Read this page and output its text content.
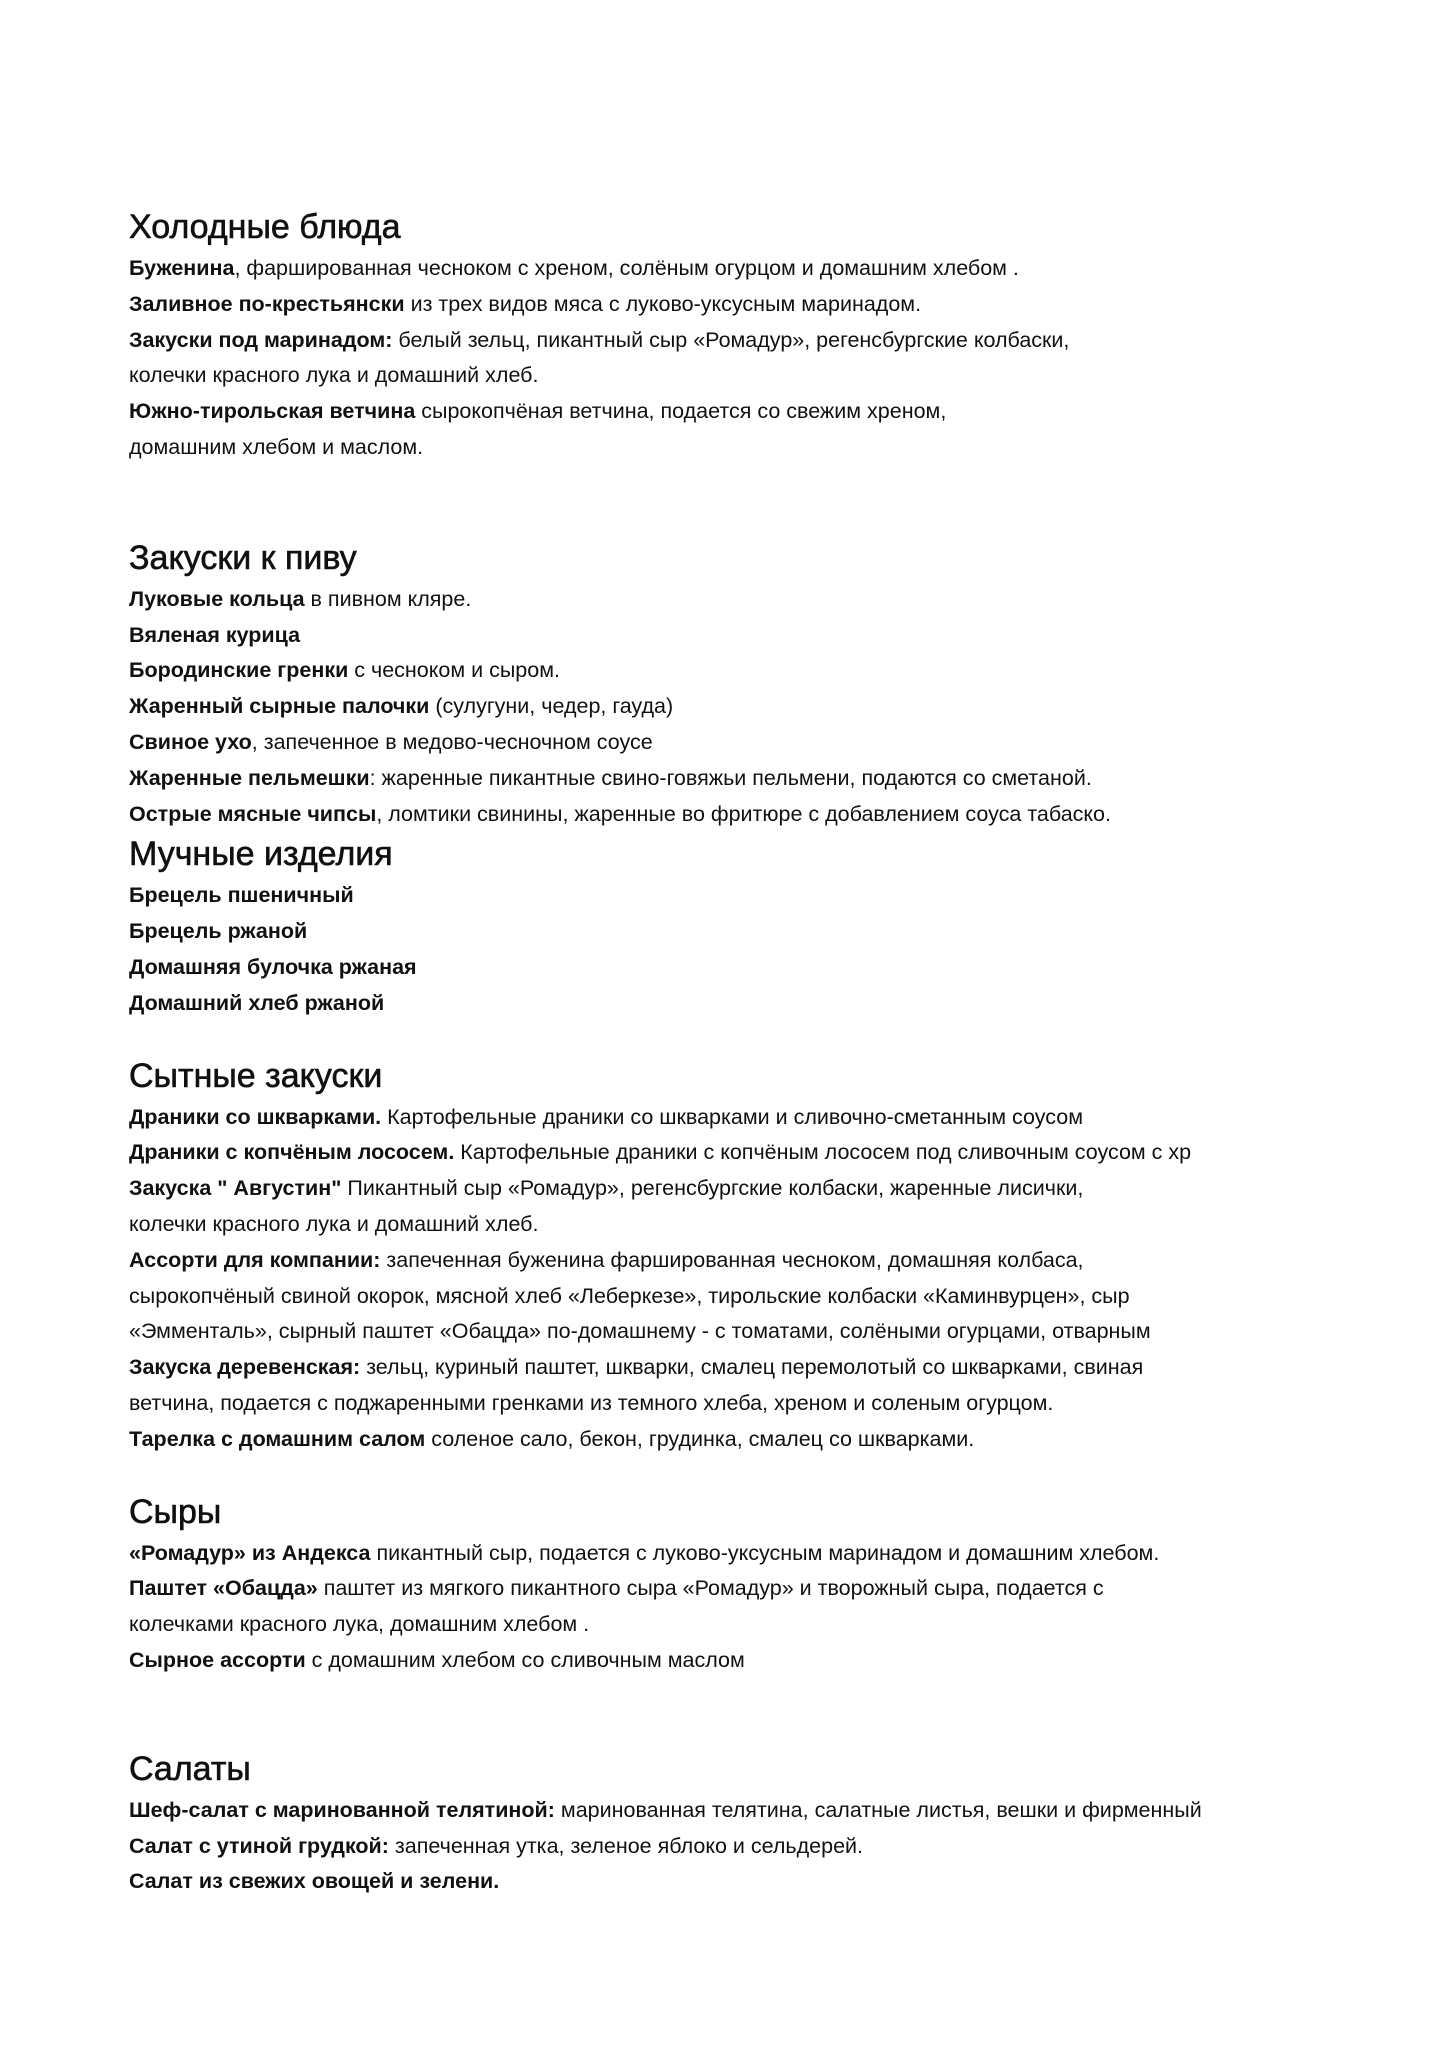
Холодные блюда

Буженина, фаршированная чесноком с хреном, солёным огурцом и домашним хлебом .

Заливное по-крестьянски из трех видов мяса с луково-уксусным маринадом.

Закуски под маринадом: белый зельц, пикантный сыр «Ромадур», регенсбургские колбаски,

колечки красного лука и домашний хлеб.

Южно-тирольская ветчина сырокопчёная ветчина, подается со свежим хреном,

домашним хлебом и маслом.

Закуски к пиву

Луковые кольца в пивном кляре.

Вяленая курица

Бородинские гренки с чесноком и сыром.

Жаренный сырные палочки (сулугуни, чедер, гауда)

Свиное ухо, запеченное в медово-чесночном соусе

Жаренные пельмешки: жаренные пикантные свино-говяжьи пельмени, подаются со сметаной.

Острые мясные чипсы, ломтики свинины, жаренные во фритюре с добавлением соуса табаско.

Мучные изделия

Брецель пшеничный

Брецель ржаной

Домашняя булочка ржаная

Домашний хлеб ржаной

Сытные закуски

Драники со шкварками. Картофельные драники со шкварками и сливочно-сметанным соусом

Драники с копчёным лососем. Картофельные драники с копчёным лососем под сливочным соусом с хр

Закуска " Августин" Пикантный сыр «Ромадур», регенсбургские колбаски, жаренные лисички,

колечки красного лука и домашний хлеб.

Ассорти для компании: запеченная буженина фаршированная чесноком, домашняя колбаса,

сырокопчёный свиной окорок, мясной хлеб «Леберкезе», тирольские колбаски «Каминвурцен», сыр

«Эмменталь», сырный паштет «Обацда» по-домашнему - с томатами, солёными огурцами, отварным

Закуска деревенская: зельц, куриный паштет, шкварки, смалец перемолотый со шкварками, свиная

ветчина, подается с поджаренными гренками из темного хлеба, хреном и соленым огурцом.

Тарелка с домашним салом соленое сало, бекон, грудинка, смалец со шкварками.

Сыры

«Ромадур» из Андекса пикантный сыр, подается с луково-уксусным маринадом и домашним хлебом.

Паштет «Обацда» паштет из мягкого пикантного сыра «Ромадур» и творожный сыра, подается с

колечками красного лука, домашним хлебом .

Сырное ассорти с домашним хлебом со сливочным маслом

Салаты

Шеф-салат с маринованной телятиной: маринованная телятина, салатные листья, вешки и фирменный

Салат с утиной грудкой: запеченная утка, зеленое яблоко и сельдерей.

Салат из свежих овощей и зелени.
